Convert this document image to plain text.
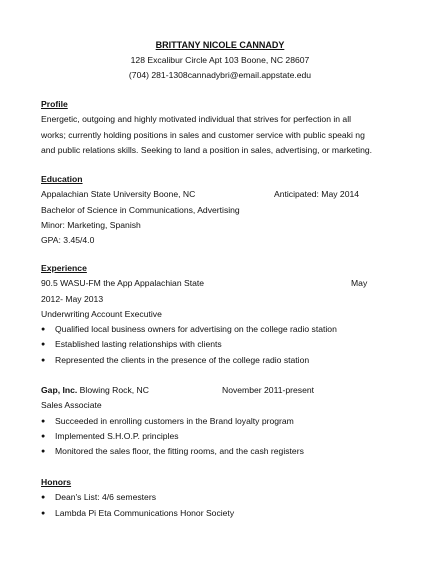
BRITTANY NICOLE CANNADY
128 Excalibur Circle Apt 103 Boone, NC 28607
(704) 281-1308cannadybri@email.appstate.edu
Profile
Energetic, outgoing and highly motivated individual that strives for perfection in all
works; currently holding positions in sales and customer service with public speaki ng
and public relations skills. Seeking to land a position in sales, advertising, or marketing.
Education
Appalachian State University Boone, NC	Anticipated: May 2014
Bachelor of Science in Communications, Advertising
Minor: Marketing, Spanish
GPA: 3.45/4.0
Experience
90.5 WASU-FM the App Appalachian State	May
2012- May 2013
Underwriting Account Executive
● Qualified local business owners for advertising on the college radio station
● Established lasting relationships with clients
● Represented the clients in the presence of the college radio station
Gap, Inc. Blowing Rock, NC	November 2011-present
Sales Associate
● Succeeded in enrolling customers in the Brand loyalty program
● Implemented S.H.O.P. principles
● Monitored the sales floor, the fitting rooms, and the cash registers
Honors
● Dean's List: 4/6 semesters
● Lambda Pi Eta Communications Honor Society
